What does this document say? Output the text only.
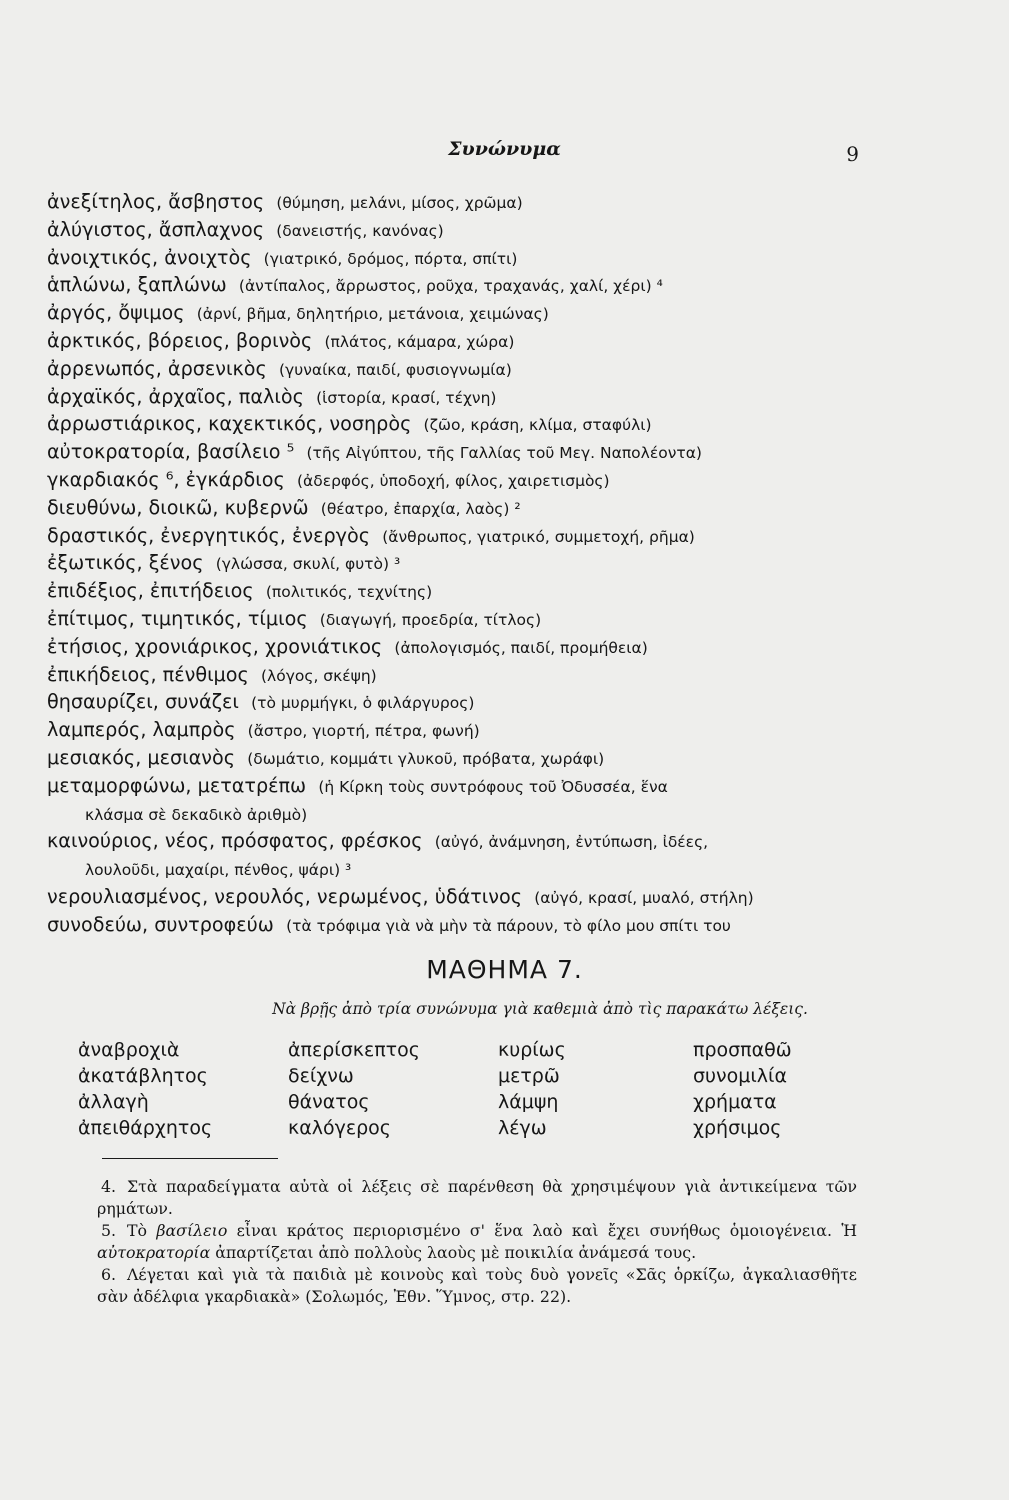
Συνώνυμα	9
ἀνεξίτηλος, ἄσβηστος (θύμηση, μελάνι, μίσος, χρῶμα)
ἀλύγιστος, ἄσπλαχνος (δανειστής, κανόνας)
ἀνοιχτικός, ἀνοιχτὸς (γιατρικό, δρόμος, πόρτα, σπίτι)
ἁπλώνω, ξαπλώνω (ἀντίπαλος, ἄρρωστος, ροῦχα, τραχανάς, χαλί, χέρι) ⁴
ἀργός, ὄψιμος (ἀρνί, βῆμα, δηλητήριο, μετάνοια, χειμώνας)
ἀρκτικός, βόρειος, βορινὸς (πλάτος, κάμαρα, χώρα)
ἀρρενωπός, ἀρσενικὸς (γυναίκα, παιδί, φυσιογνωμία)
ἀρχαϊκός, ἀρχαῖος, παλιὸς (ἱστορία, κρασί, τέχνη)
ἀρρωστιάρικος, καχεκτικός, νοσηρὸς (ζῶο, κράση, κλίμα, σταφύλι)
αὐτοκρατορία, βασίλειο ⁵ (τῆς Αἰγύπτου, τῆς Γαλλίας τοῦ Μεγ. Ναπολέοντα)
γκαρδιακός ⁶, ἐγκάρδιος (ἀδερφός, ὑποδοχή, φίλος, χαιρετισμὸς)
διευθύνω, διοικῶ, κυβερνῶ (θέατρο, ἐπαρχία, λαὸς) ²
δραστικός, ἐνεργητικός, ἐνεργὸς (ἄνθρωπος, γιατρικό, συμμετοχή, ρῆμα)
ἐξωτικός, ξένος (γλώσσα, σκυλί, φυτὸ) ³
ἐπιδέξιος, ἐπιτήδειος (πολιτικός, τεχνίτης)
ἐπίτιμος, τιμητικός, τίμιος (διαγωγή, προεδρία, τίτλος)
ἐτήσιος, χρονιάρικος, χρονιάτικος (ἀπολογισμός, παιδί, προμήθεια)
ἐπικήδειος, πένθιμος (λόγος, σκέψη)
θησαυρίζει, συνάζει (τὸ μυρμήγκι, ὁ φιλάργυρος)
λαμπερός, λαμπρὸς (ἄστρο, γιορτή, πέτρα, φωνή)
μεσιακός, μεσιανὸς (δωμάτιο, κομμάτι γλυκοῦ, πρόβατα, χωράφι)
μεταμορφώνω, μετατρέπω (ἡ Κίρκη τοὺς συντρόφους τοῦ Ὀδυσσέα, ἕνα
κλάσμα σὲ δεκαδικὸ ἀριθμὸ)
καινούριος, νέος, πρόσφατος, φρέσκος (αὐγό, ἀνάμνηση, ἐντύπωση, ἰδέες,
λουλοῦδι, μαχαίρι, πένθος, ψάρι) ³
νερουλιασμένος, νερουλός, νερωμένος, ὑδάτινος (αὐγό, κρασί, μυαλό, στήλη)
συνοδεύω, συντροφεύω (τὰ τρόφιμα γιὰ νὰ μὴν τὰ πάρουν, τὸ φίλο μου σπίτι του
ΜΑΘΗΜΑ 7.
Νὰ βρῇς ἀπὸ τρία συνώνυμα γιὰ καθεμιὰ ἀπὸ τὶς παρακάτω λέξεις.
ἀναβροχιὰ	ἀπερίσκεπτος	κυρίως	προσπαθῶ
ἀκατάβλητος	δείχνω	μετρῶ	συνομιλία
ἀλλαγὴ	θάνατος	λάμψη	χρήματα
ἀπειθάρχητος	καλόγερος	λέγω	χρήσιμος

4. Στὰ παραδείγματα αὐτὰ οἱ λέξεις σὲ παρένθεση θὰ χρησιμέψουν γιὰ ἀντικείμενα τῶν ρημάτων.

5. Τὸ βασίλειο εἶναι κράτος περιορισμένο σ' ἕνα λαὸ καὶ ἔχει συνήθως ὁμοιογένεια. Ἡ αὐτοκρατορία ἀπαρτίζεται ἀπὸ πολλοὺς λαοὺς μὲ ποικιλία ἀνάμεσά τους.

6. Λέγεται καὶ γιὰ τὰ παιδιὰ μὲ κοινοὺς καὶ τοὺς δυὸ γονεῖς «Σᾶς ὁρκίζω, ἀγκαλιασθῆτε σὰν ἀδέλφια γκαρδιακὰ» (Σολωμός, Ἐθν. Ὕμνος, στρ. 22).
